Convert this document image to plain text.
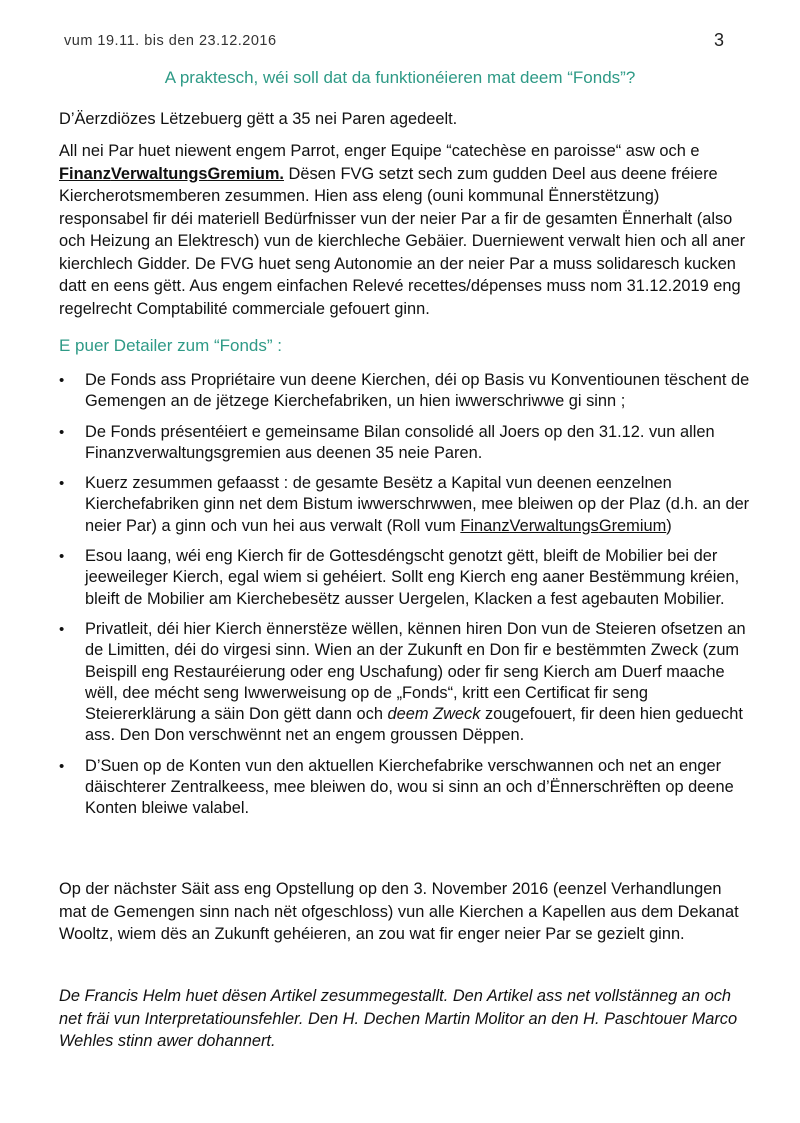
vum 19.11. bis den 23.12.2016	3
A praktesch, wéi soll dat da funktionéieren mat deem “Fonds”?

D’Äerzdiözes Lëtzebuerg gëtt a 35 nei Paren agedeelt.

All nei Par huet niewent engem Parrot, enger Equipe “catechèse en paroisse“ asw och e FinanzVerwaltungsGremium. Dësen FVG setzt sech zum gudden Deel aus deene fréiere Kiercherotsmemberen zesummen. Hien ass eleng (ouni kommunal Ënnerstëtzung) responsabel fir déi materiell Bedürfnisser vun der neier Par a fir de gesamten Ënnerhalt (also och Heizung an Elektresch) vun de kierchleche Gebäier. Duerniewent verwalt hien och all aner kierchlech Gidder. De FVG huet seng Autonomie an der neier Par a muss solidaresch kucken datt en eens gëtt. Aus engem einfachen Relevé recettes/dépenses muss nom 31.12.2019 eng regelrecht Comptabilité commerciale gefouert ginn.

E puer Detailer zum “Fonds” :
•	De Fonds ass Propriétaire vun deene Kierchen, déi op Basis vu Konventiounen tëschent de Gemengen an de jëtzege Kierchefabriken, un hien iwwerschriwwe gi sinn ;
•	De Fonds présentéiert e gemeinsame Bilan consolidé all Joers op den 31.12. vun allen Finanzverwaltungsgremien aus deenen 35 neie Paren.
•	Kuerz zesummen gefaasst : de gesamte Besëtz a Kapital vun deenen eenzelnen Kierchefabriken ginn net dem Bistum iwwerschrwwen, mee bleiwen op der Plaz (d.h. an der neier Par) a ginn och vun hei aus verwalt (Roll vum FinanzVerwaltungsGremium)
•	Esou laang, wéi eng Kierch fir de Gottesdéngscht genotzt gëtt, bleift de Mobilier bei der jeeweileger Kierch, egal wiem si gehéiert. Sollt eng Kierch eng aaner Bestëmmung kréien, bleift de Mobilier am Kierchebesëtz ausser Uergelen, Klacken a fest agebauten Mobilier.
•	Privatleit, déi hier Kierch ënnerstëze wëllen, kënnen hiren Don vun de Steieren ofsetzen an de Limitten, déi do virgesi sinn. Wien an der Zukunft en Don fir e bestëmmten Zweck (zum Beispill eng Restauréierung oder eng Uschafung) oder fir seng Kierch am Duerf maache wëll, dee mécht seng Iwwerweisung op de „Fonds“, kritt een Certificat fir seng Steiererklärung a säin Don gëtt dann och deem Zweck zougefouert, fir deen hien geduecht ass. Den Don verschwënnt net an engem groussen Dëppen.
•	D’Suen op de Konten vun den aktuellen Kierchefabrike verschwannen och net an enger däischterer Zentralkeess, mee bleiwen do, wou si sinn an och d’Ënnerschrëften op deene Konten bleiwe valabel.

Op der nächster Säit ass eng Opstellung op den 3. November 2016 (eenzel Verhandlungen mat de Gemengen sinn nach nët ofgeschloss) vun alle Kierchen a Kapellen aus dem Dekanat Wooltz, wiem dës an Zukunft gehéieren, an zou wat fir enger neier Par se gezielt ginn.

De Francis Helm huet dësen Artikel zesummegestallt. Den Artikel ass net vollstänneg an och net fräi vun Interpretatiounsfehler. Den H. Dechen Martin Molitor an den H. Paschtouer Marco Wehles stinn awer dohannert.
